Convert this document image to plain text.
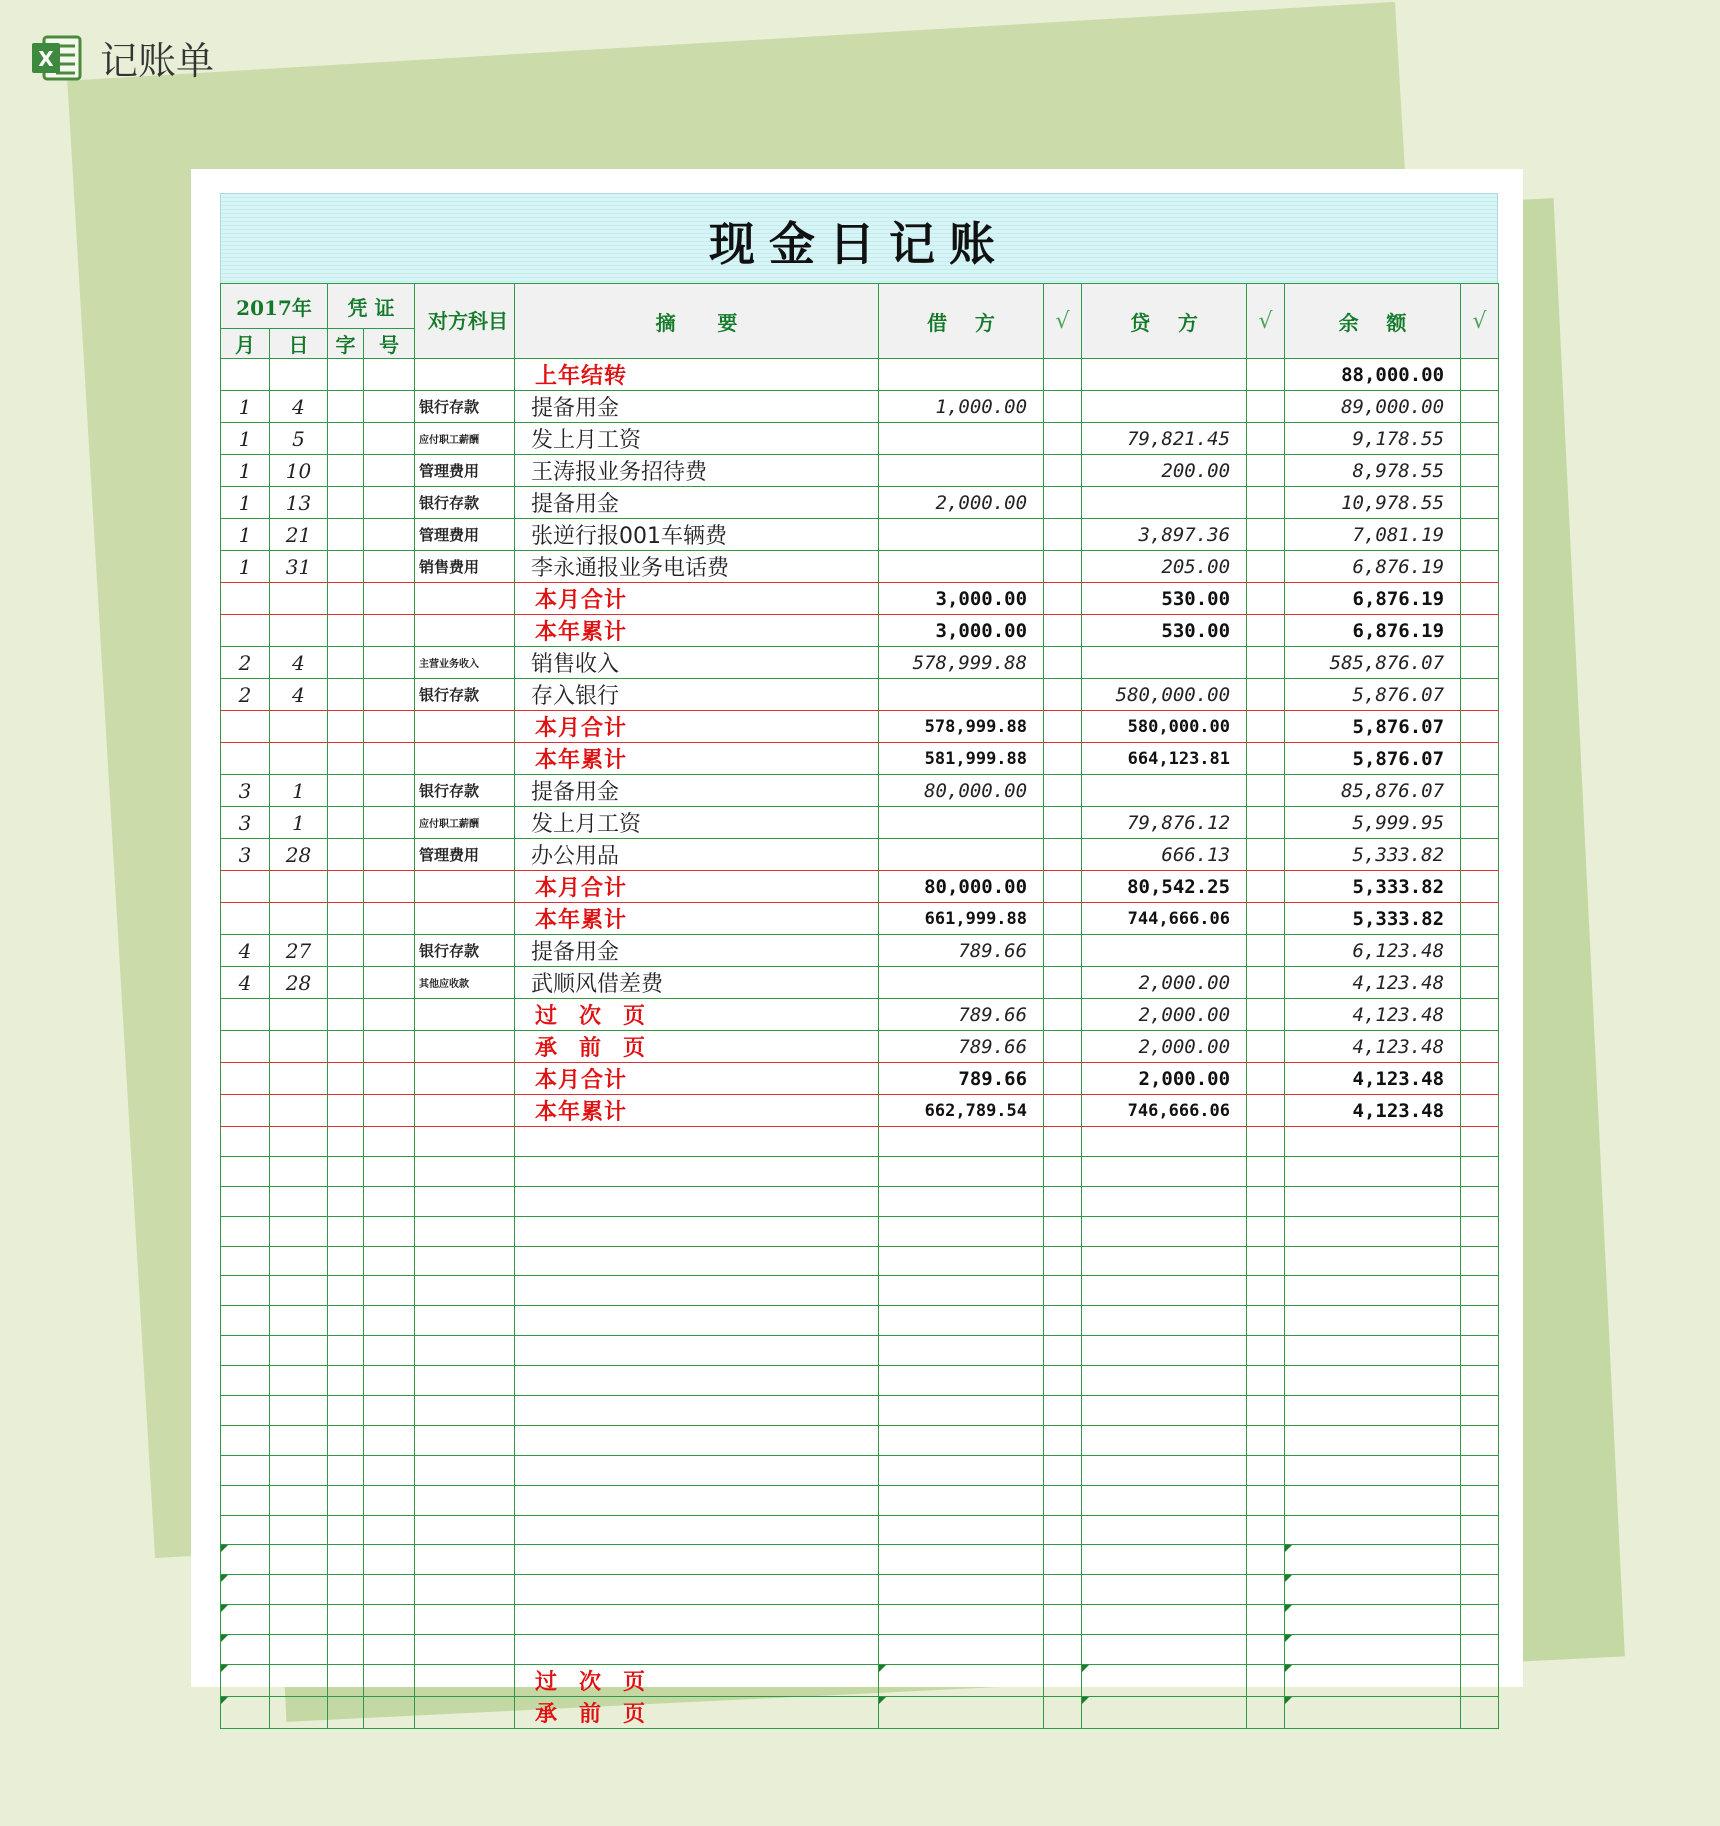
X 记账单
现金日记账
2017年		凭 证		对方科目	摘      要	借    方	√	贷    方	√	余    额	√
月	日	字	号								
					上年结转					88,000.00	
1	4			银行存款	提备用金	1,000.00				89,000.00	
1	5			应付职工薪酬	发上月工资			79,821.45		9,178.55	
1	10			管理费用	王涛报业务招待费			200.00		8,978.55	
1	13			银行存款	提备用金	2,000.00				10,978.55	
1	21			管理费用	张逆行报001车辆费			3,897.36		7,081.19	
1	31			销售费用	李永通报业务电话费			205.00		6,876.19	
					本月合计	3,000.00		530.00		6,876.19	
					本年累计	3,000.00		530.00		6,876.19	
2	4			主营业务收入	销售收入	578,999.88				585,876.07	
2	4			银行存款	存入银行			580,000.00		5,876.07	
					本月合计	578,999.88		580,000.00		5,876.07	
					本年累计	581,999.88		664,123.81		5,876.07	
3	1			银行存款	提备用金	80,000.00				85,876.07	
3	1			应付职工薪酬	发上月工资			79,876.12		5,999.95	
3	28			管理费用	办公用品			666.13		5,333.82	
					本月合计	80,000.00		80,542.25		5,333.82	
					本年累计	661,999.88		744,666.06		5,333.82	
4	27			银行存款	提备用金	789.66				6,123.48	
4	28			其他应收款	武顺风借差费			2,000.00		4,123.48	
					过次页	789.66		2,000.00		4,123.48	
					承前页	789.66		2,000.00		4,123.48	
					本月合计	789.66		2,000.00		4,123.48	
					本年累计	662,789.54		746,666.06		4,123.48	

					过次页						
					承前页						
